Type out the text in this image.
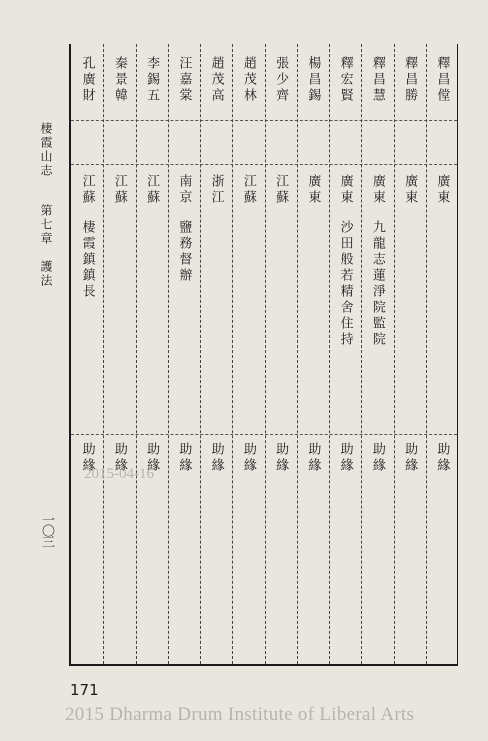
棲霞山志第七章　護法
一〇三
釋昌㑽
廣東
助緣
釋昌勝
廣東
助緣
釋昌慧
廣東
九龍志蓮淨院監院
助緣
釋宏賢
廣東
沙田般若精舍住持
助緣
楊昌錫
廣東
助緣
張少齊
江蘇
助緣
趙茂林
江蘇
助緣
趙茂高
浙江
助緣
汪嘉棠
南京
鹽務督辦
助緣
李錫五
江蘇
助緣
秦景韓
江蘇
助緣
孔廣財
江蘇
棲霞鎮鎮長
助緣
2015-04-16
171
2015 Dharma Drum Institute of Liberal Arts
